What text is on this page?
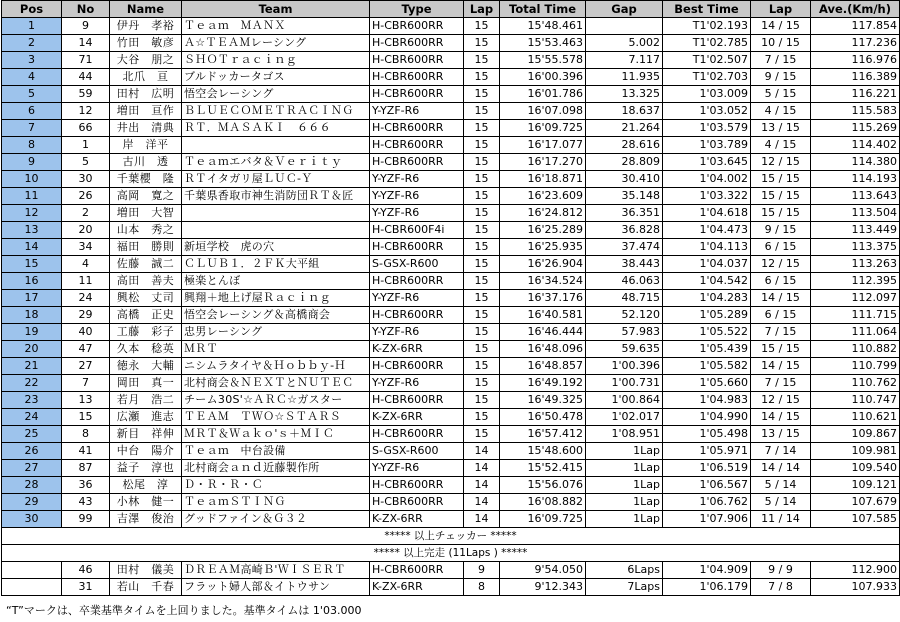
Pos	No	Name	Team	Type	Lap	Total Time	Gap	Best Time	Lap	Ave.(Km/h)
1	9	伊丹　孝裕	Ｔｅａｍ　ＭＡＮＸ	H-CBR600RR	15	15'48.461		T1'02.193	14 / 15	117.854
2	14	竹田　敏彦	Ａ☆ＴＥＡＭレーシング	H-CBR600RR	15	15'53.463	5.002	T1'02.785	10 / 15	117.236
3	71	大谷　朋之	ＳＨＯＴｒａｃｉｎｇ	H-CBR600RR	15	15'55.578	7.117	T1'02.507	7 / 15	116.976
4	44	北爪　亘	ブルドッカータゴス	H-CBR600RR	15	16'00.396	11.935	T1'02.703	9 / 15	116.389
5	59	田村　広明	悟空会レーシング	H-CBR600RR	15	16'01.786	13.325	1'03.009	5 / 15	116.221
6	12	増田　亘作	ＢＬＵＥＣＯＭＥＴＲＡＣＩＮＧ	Y-YZF-R6	15	16'07.098	18.637	1'03.052	4 / 15	115.583
7	66	井出　清典	ＲＴ．ＭＡＳＡＫＩ　６６６	H-CBR600RR	15	16'09.725	21.264	1'03.579	13 / 15	115.269
8	1	岸　洋平		H-CBR600RR	15	16'17.077	28.616	1'03.789	4 / 15	114.402
9	5	古川　透	Ｔｅａｍエバタ＆Ｖｅｒｉｔｙ	H-CBR600RR	15	16'17.270	28.809	1'03.645	12 / 15	114.380
10	30	千葉櫻　隆	ＲＴイタガリ屋ＬＵＣ-Ｙ	Y-YZF-R6	15	16'18.871	30.410	1'04.002	15 / 15	114.193
11	26	高岡　寛之	千葉県香取市神生消防団ＲＴ＆匠	Y-YZF-R6	15	16'23.609	35.148	1'03.322	15 / 15	113.643
12	2	増田　大智		Y-YZF-R6	15	16'24.812	36.351	1'04.618	15 / 15	113.504
13	20	山本　秀之		H-CBR600F4i	15	16'25.289	36.828	1'04.473	9 / 15	113.449
14	34	福田　勝則	新垣学校　虎の穴	H-CBR600RR	15	16'25.935	37.474	1'04.113	6 / 15	113.375
15	4	佐藤　誠二	ＣＬＵＢ１．２ＦＫ大平組	S-GSX-R600	15	16'26.904	38.443	1'04.037	12 / 15	113.263
16	11	高田　善夫	極楽とんぼ	H-CBR600RR	15	16'34.524	46.063	1'04.542	6 / 15	112.395
17	24	興松　丈司	興翔＋地上げ屋Ｒａｃｉｎｇ	Y-YZF-R6	15	16'37.176	48.715	1'04.283	14 / 15	112.097
18	29	高橋　正史	悟空会レーシング＆高橋商会	H-CBR600RR	15	16'40.581	52.120	1'05.289	6 / 15	111.715
19	40	工藤　彩子	忠男レーシング	Y-YZF-R6	15	16'46.444	57.983	1'05.522	7 / 15	111.064
20	47	久本　稔英	ＭＲＴ	K-ZX-6RR	15	16'48.096	59.635	1'05.439	15 / 15	110.882
21	27	徳永　大輔	ニシムラタイヤ＆Ｈｏｂｂｙ-Ｈ	H-CBR600RR	15	16'48.857	1'00.396	1'05.582	14 / 15	110.799
22	7	岡田　真一	北村商会＆ＮＥＸＴとＮＵＴＥＣ	Y-YZF-R6	15	16'49.192	1'00.731	1'05.660	7 / 15	110.762
23	13	若月　浩二	チーム30S'☆ＡＲＣ☆ガスター	H-CBR600RR	15	16'49.325	1'00.864	1'04.983	12 / 15	110.747
24	15	広瀬　進志	ＴＥＡＭ　ＴＷＯ☆ＳＴＡＲＳ	K-ZX-6RR	15	16'50.478	1'02.017	1'04.990	14 / 15	110.621
25	8	新目　祥伸	ＭＲＴ＆Ｗａｋｏ'ｓ＋ＭＩＣ	H-CBR600RR	15	16'57.412	1'08.951	1'05.498	13 / 15	109.867
26	41	中台　陽介	Ｔｅａｍ　中台設備	S-GSX-R600	14	15'48.600	1Lap	1'05.971	7 / 14	109.981
27	87	益子　淳也	北村商会ａｎｄ近藤製作所	Y-YZF-R6	14	15'52.415	1Lap	1'06.519	14 / 14	109.540
28	36	松尾　淳	Ｄ・Ｒ・Ｒ・Ｃ	H-CBR600RR	14	15'56.076	1Lap	1'06.567	5 / 14	109.121
29	43	小林　健一	ＴｅａｍＳＴＩＮＧ	H-CBR600RR	14	16'08.882	1Lap	1'06.762	5 / 14	107.679
30	99	吉澤　俊治	グッドファイン＆Ｇ３２	K-ZX-6RR	14	16'09.725	1Lap	1'07.906	11 / 14	107.585
***** 以上チェッカー *****										
***** 以上完走 (11Laps ) *****										
	46	田村　儀美	ＤＲＥＡＭ高崎Ｂ'ＷＩＳＥＲＴ	H-CBR600RR	9	9'54.050	6Laps	1'04.909	9 / 9	112.900
	31	若山　千春	フラット婦人部＆イトウサン	K-ZX-6RR	8	9'12.343	7Laps	1'06.179	7 / 8	107.933
“T”マークは、卒業基準タイムを上回りました。基準タイムは 1'03.000
